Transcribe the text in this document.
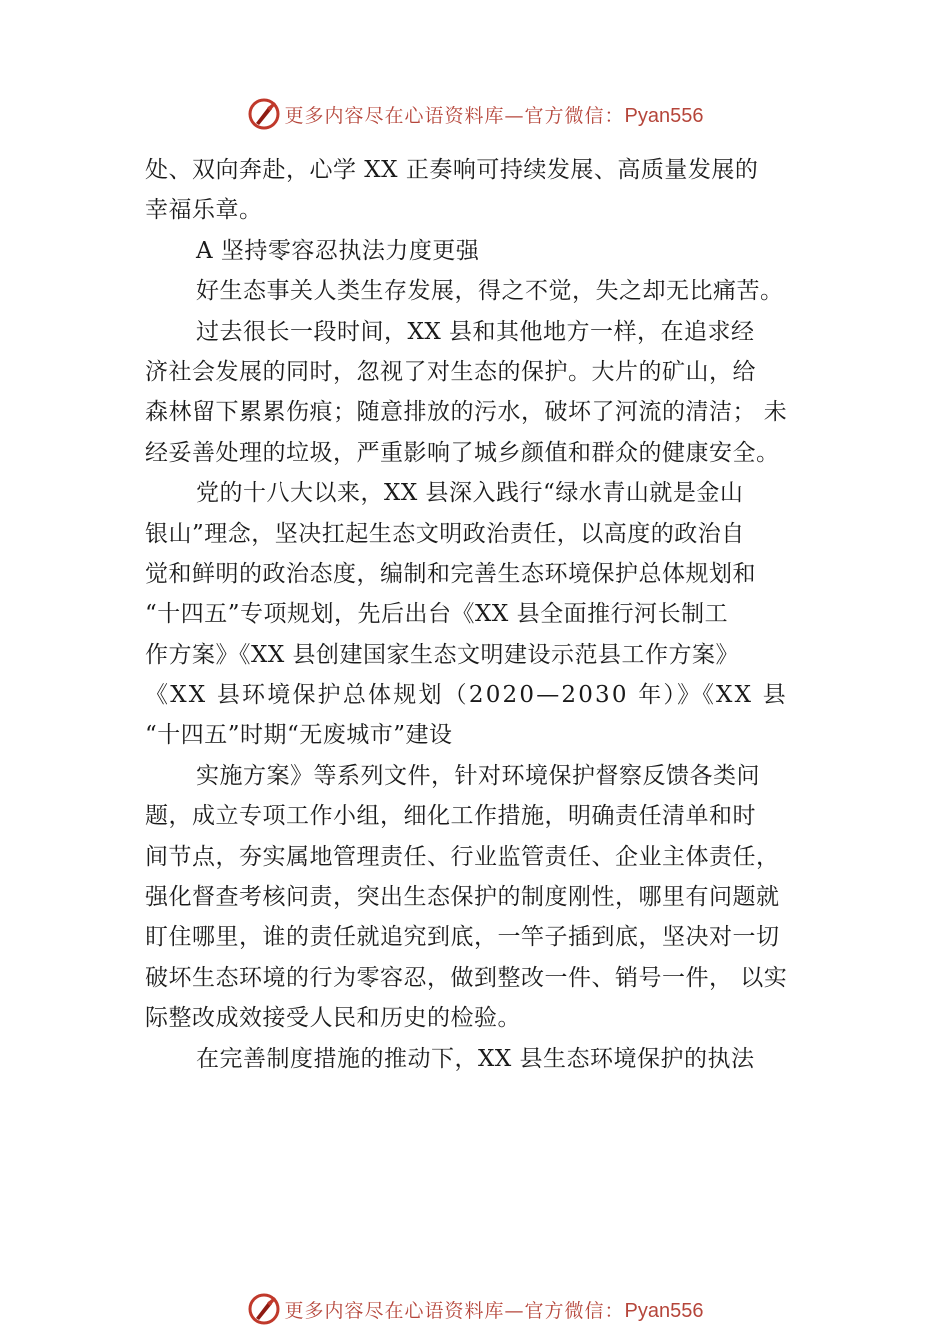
更多内容尽在心语资料库—官方微信：Pyan556
处、双向奔赴，心学 XX 正奏响可持续发展、高质量发展的
幸福乐章。
A 坚持零容忍执法力度更强
好生态事关人类生存发展，得之不觉，失之却无比痛苦。
过去很长一段时间，XX 县和其他地方一样，在追求经
济社会发展的同时，忽视了对生态的保护。大片的矿山，给
森林留下累累伤痕；随意排放的污水，破坏了河流的清洁； 未
经妥善处理的垃圾，严重影响了城乡颜值和群众的健康安全。
党的十八大以来，XX 县深入践行“绿水青山就是金山
银山”理念，坚决扛起生态文明政治责任，以高度的政治自
觉和鲜明的政治态度，编制和完善生态环境保护总体规划和
“十四五”专项规划，先后出台《XX 县全面推行河长制工
作方案》《XX 县创建国家生态文明建设示范县工作方案》
《XX 县环境保护总体规划（2020—2030 年）》《XX 县
“十四五”时期“无废城市”建设
实施方案》等系列文件，针对环境保护督察反馈各类问
题，成立专项工作小组，细化工作措施，明确责任清单和时
间节点，夯实属地管理责任、行业监管责任、企业主体责任，
强化督查考核问责，突出生态保护的制度刚性，哪里有问题就
盯住哪里，谁的责任就追究到底，一竿子插到底，坚决对一切
破坏生态环境的行为零容忍，做到整改一件、销号一件， 以实
际整改成效接受人民和历史的检验。
在完善制度措施的推动下，XX 县生态环境保护的执法
更多内容尽在心语资料库—官方微信：Pyan556
